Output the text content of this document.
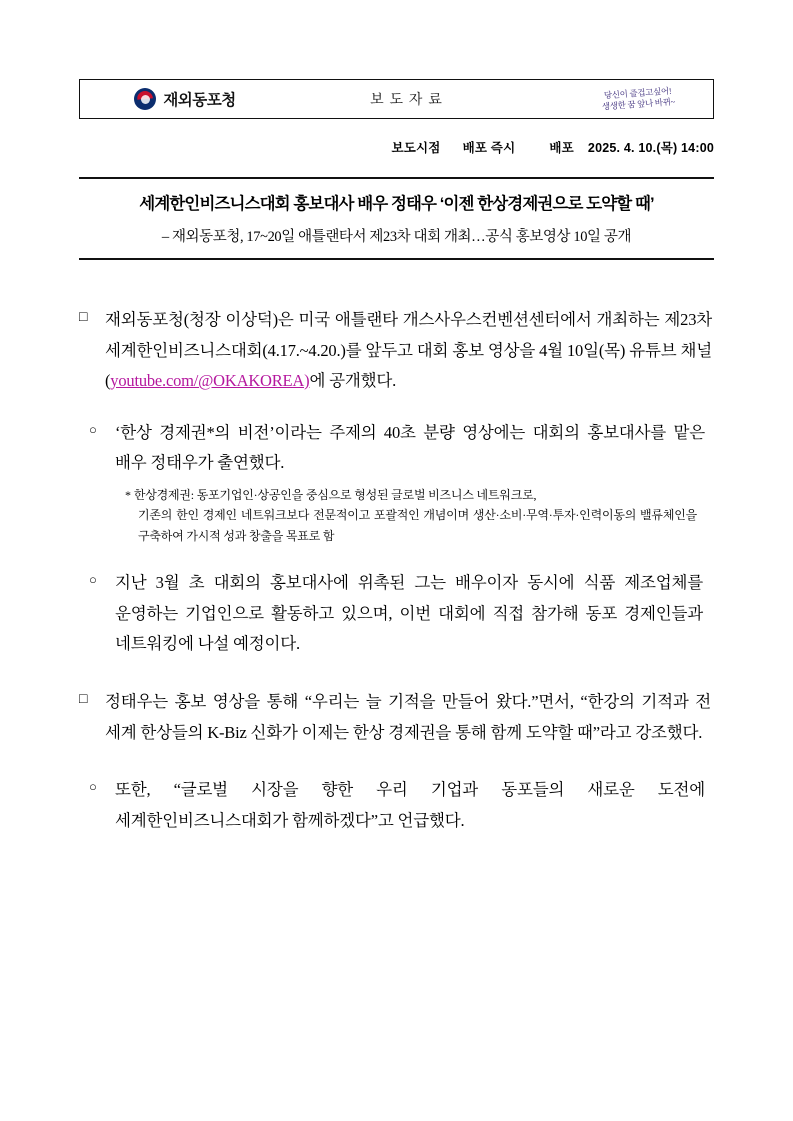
재외동포청	보 도 자 료	당신이 즐겁고싶어!
생생한 꿈 앞나 바뀌~
보도시점 배포 즉시	배포 2025. 4. 10.(목) 14:00
세계한인비즈니스대회 홍보대사 배우 정태우 ‘이젠 한상경제권으로 도약할 때’
– 재외동포청, 17~20일 애틀랜타서 제23차 대회 개최…공식 홍보영상 10일 공개
□	재외동포청(청장 이상덕)은 미국 애틀랜타 개스사우스컨벤션센터에서 개최하는 제23차 세계한인비즈니스대회(4.17.~4.20.)를 앞두고 대회 홍보 영상을 4월 10일(목) 유튜브 채널(youtube.com/@OKAKOREA)에 공개했다.
○	‘한상 경제권*의 비전’이라는 주제의 40초 분량 영상에는 대회의 홍보대사를 맡은 배우 정태우가 출연했다.
* 한상경제권: 동포기업인·상공인을 중심으로 형성된 글로벌 비즈니스 네트워크로,
기존의 한인 경제인 네트워크보다 전문적이고 포괄적인 개념이며 생산·소비·무역·투자·인력이동의 밸류체인을 구축하여 가시적 성과 창출을 목표로 함
○	지난 3월 초 대회의 홍보대사에 위촉된 그는 배우이자 동시에 식품 제조업체를 운영하는 기업인으로 활동하고 있으며, 이번 대회에 직접 참가해 동포 경제인들과 네트워킹에 나설 예정이다.
□	정태우는 홍보 영상을 통해 “우리는 늘 기적을 만들어 왔다.”면서, “한강의 기적과 전 세계 한상들의 K-Biz 신화가 이제는 한상 경제권을 통해 함께 도약할 때”라고 강조했다.
○	또한, “글로벌 시장을 향한 우리 기업과 동포들의 새로운 도전에 세계한인비즈니스대회가 함께하겠다”고 언급했다.
